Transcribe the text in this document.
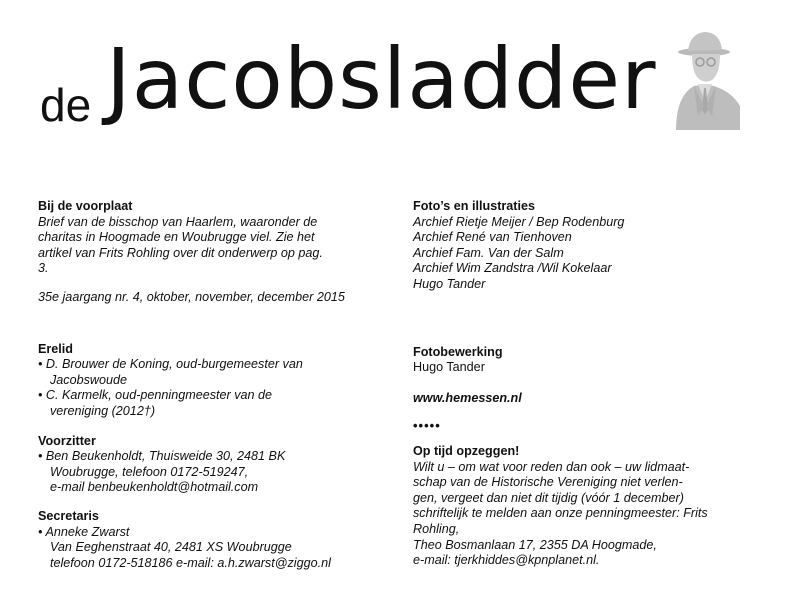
de Jacobsladder
Bij de voorplaat
Brief van de bisschop van Haarlem, waaronder de
charitas in Hoogmade en Woubrugge viel. Zie het
artikel van Frits Rohling over dit onderwerp op pag.
3.
35e jaargang nr. 4, oktober, november, december 2015
Erelid
• D. Brouwer de Koning, oud-burgemeester van
Jacobswoude
• C. Karmelk, oud-penningmeester van de
vereniging (2012†)
Voorzitter
• Ben Beukenholdt, Thuisweide 30, 2481 BK
Woubrugge, telefoon 0172-519247,
e-mail benbeukenholdt@hotmail.com
Secretaris
• Anneke Zwarst
Van Eeghenstraat 40, 2481 XS Woubrugge
telefoon 0172-518186 e-mail: a.h.zwarst@ziggo.nl
Foto’s en illustraties
Archief Rietje Meijer / Bep Rodenburg
Archief René van Tienhoven
Archief Fam. Van der Salm
Archief Wim Zandstra /Wil Kokelaar
Hugo Tander
Fotobewerking
Hugo Tander
www.hemessen.nl
•••••
Op tijd opzeggen!
Wilt u – om wat voor reden dan ook – uw lidmaat-
schap van de Historische Vereniging niet verlen-
gen, vergeet dan niet dit tijdig (vóór 1 december)
schriftelijk te melden aan onze penningmeester: Frits
Rohling,
Theo Bosmanlaan 17, 2355 DA Hoogmade,
e-mail: tjerkhiddes@kpnplanet.nl.
